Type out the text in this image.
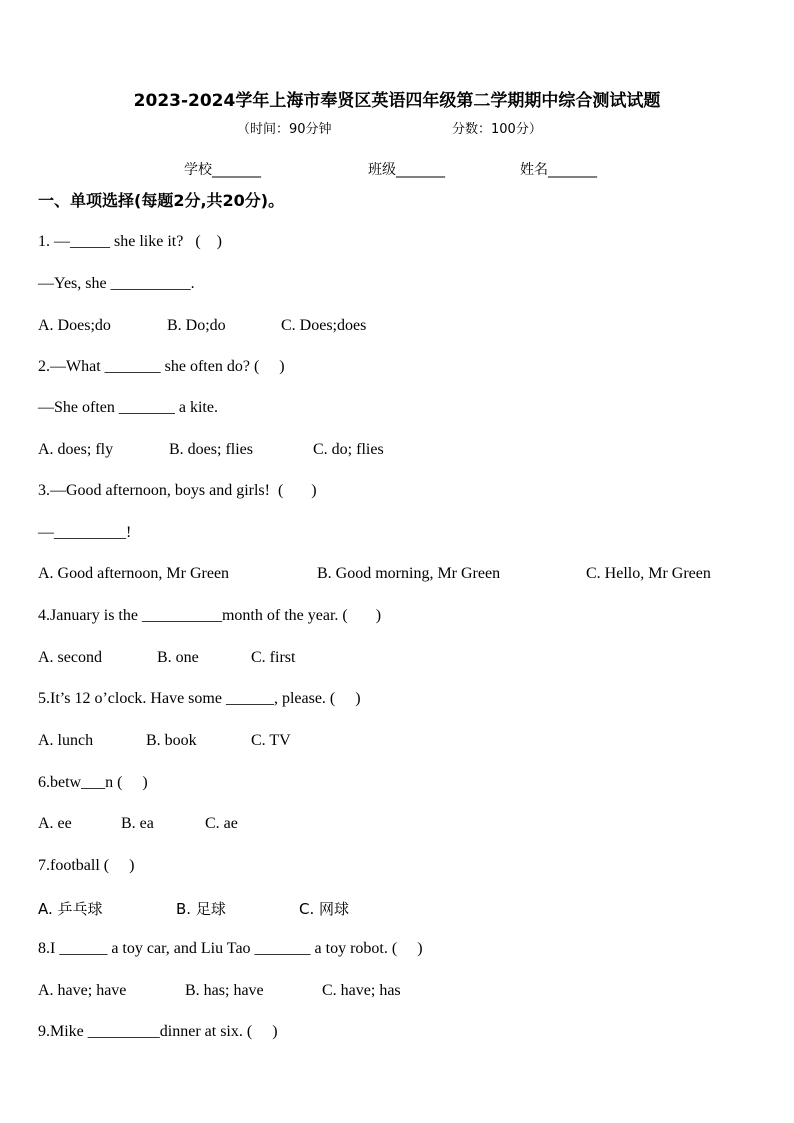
2023-2024学年上海市奉贤区英语四年级第二学期期中综合测试试题
（时间：90分钟	分数：100分）
学校_______	班级_______	姓名_______
一、单项选择(每题2分,共20分)。
1. —_____ she like it?   (    )
—Yes, she __________.
A. Does;do	B. Do;do	C. Does;does
2.—What _______ she often do? (     )
—She often _______ a kite.
A. does; fly	B. does; flies	C. do; flies
3.—Good afternoon, boys and girls!  (       )
—_________!
A. Good afternoon, Mr Green	B. Good morning, Mr Green	C. Hello, Mr Green
4.January is the __________month of the year. (       )
A. second	B. one	C. first
5.It’s 12 o’clock. Have some ______, please. (     )
A. lunch	B. book	C. TV
6.betw___n (     )
A. ee	B. ea	C. ae
7.football (     )
A. 乒乓球	B. 足球	C. 网球
8.I ______ a toy car, and Liu Tao _______ a toy robot. (     )
A. have; have	B. has; have	C. have; has
9.Mike _________dinner at six. (     )
